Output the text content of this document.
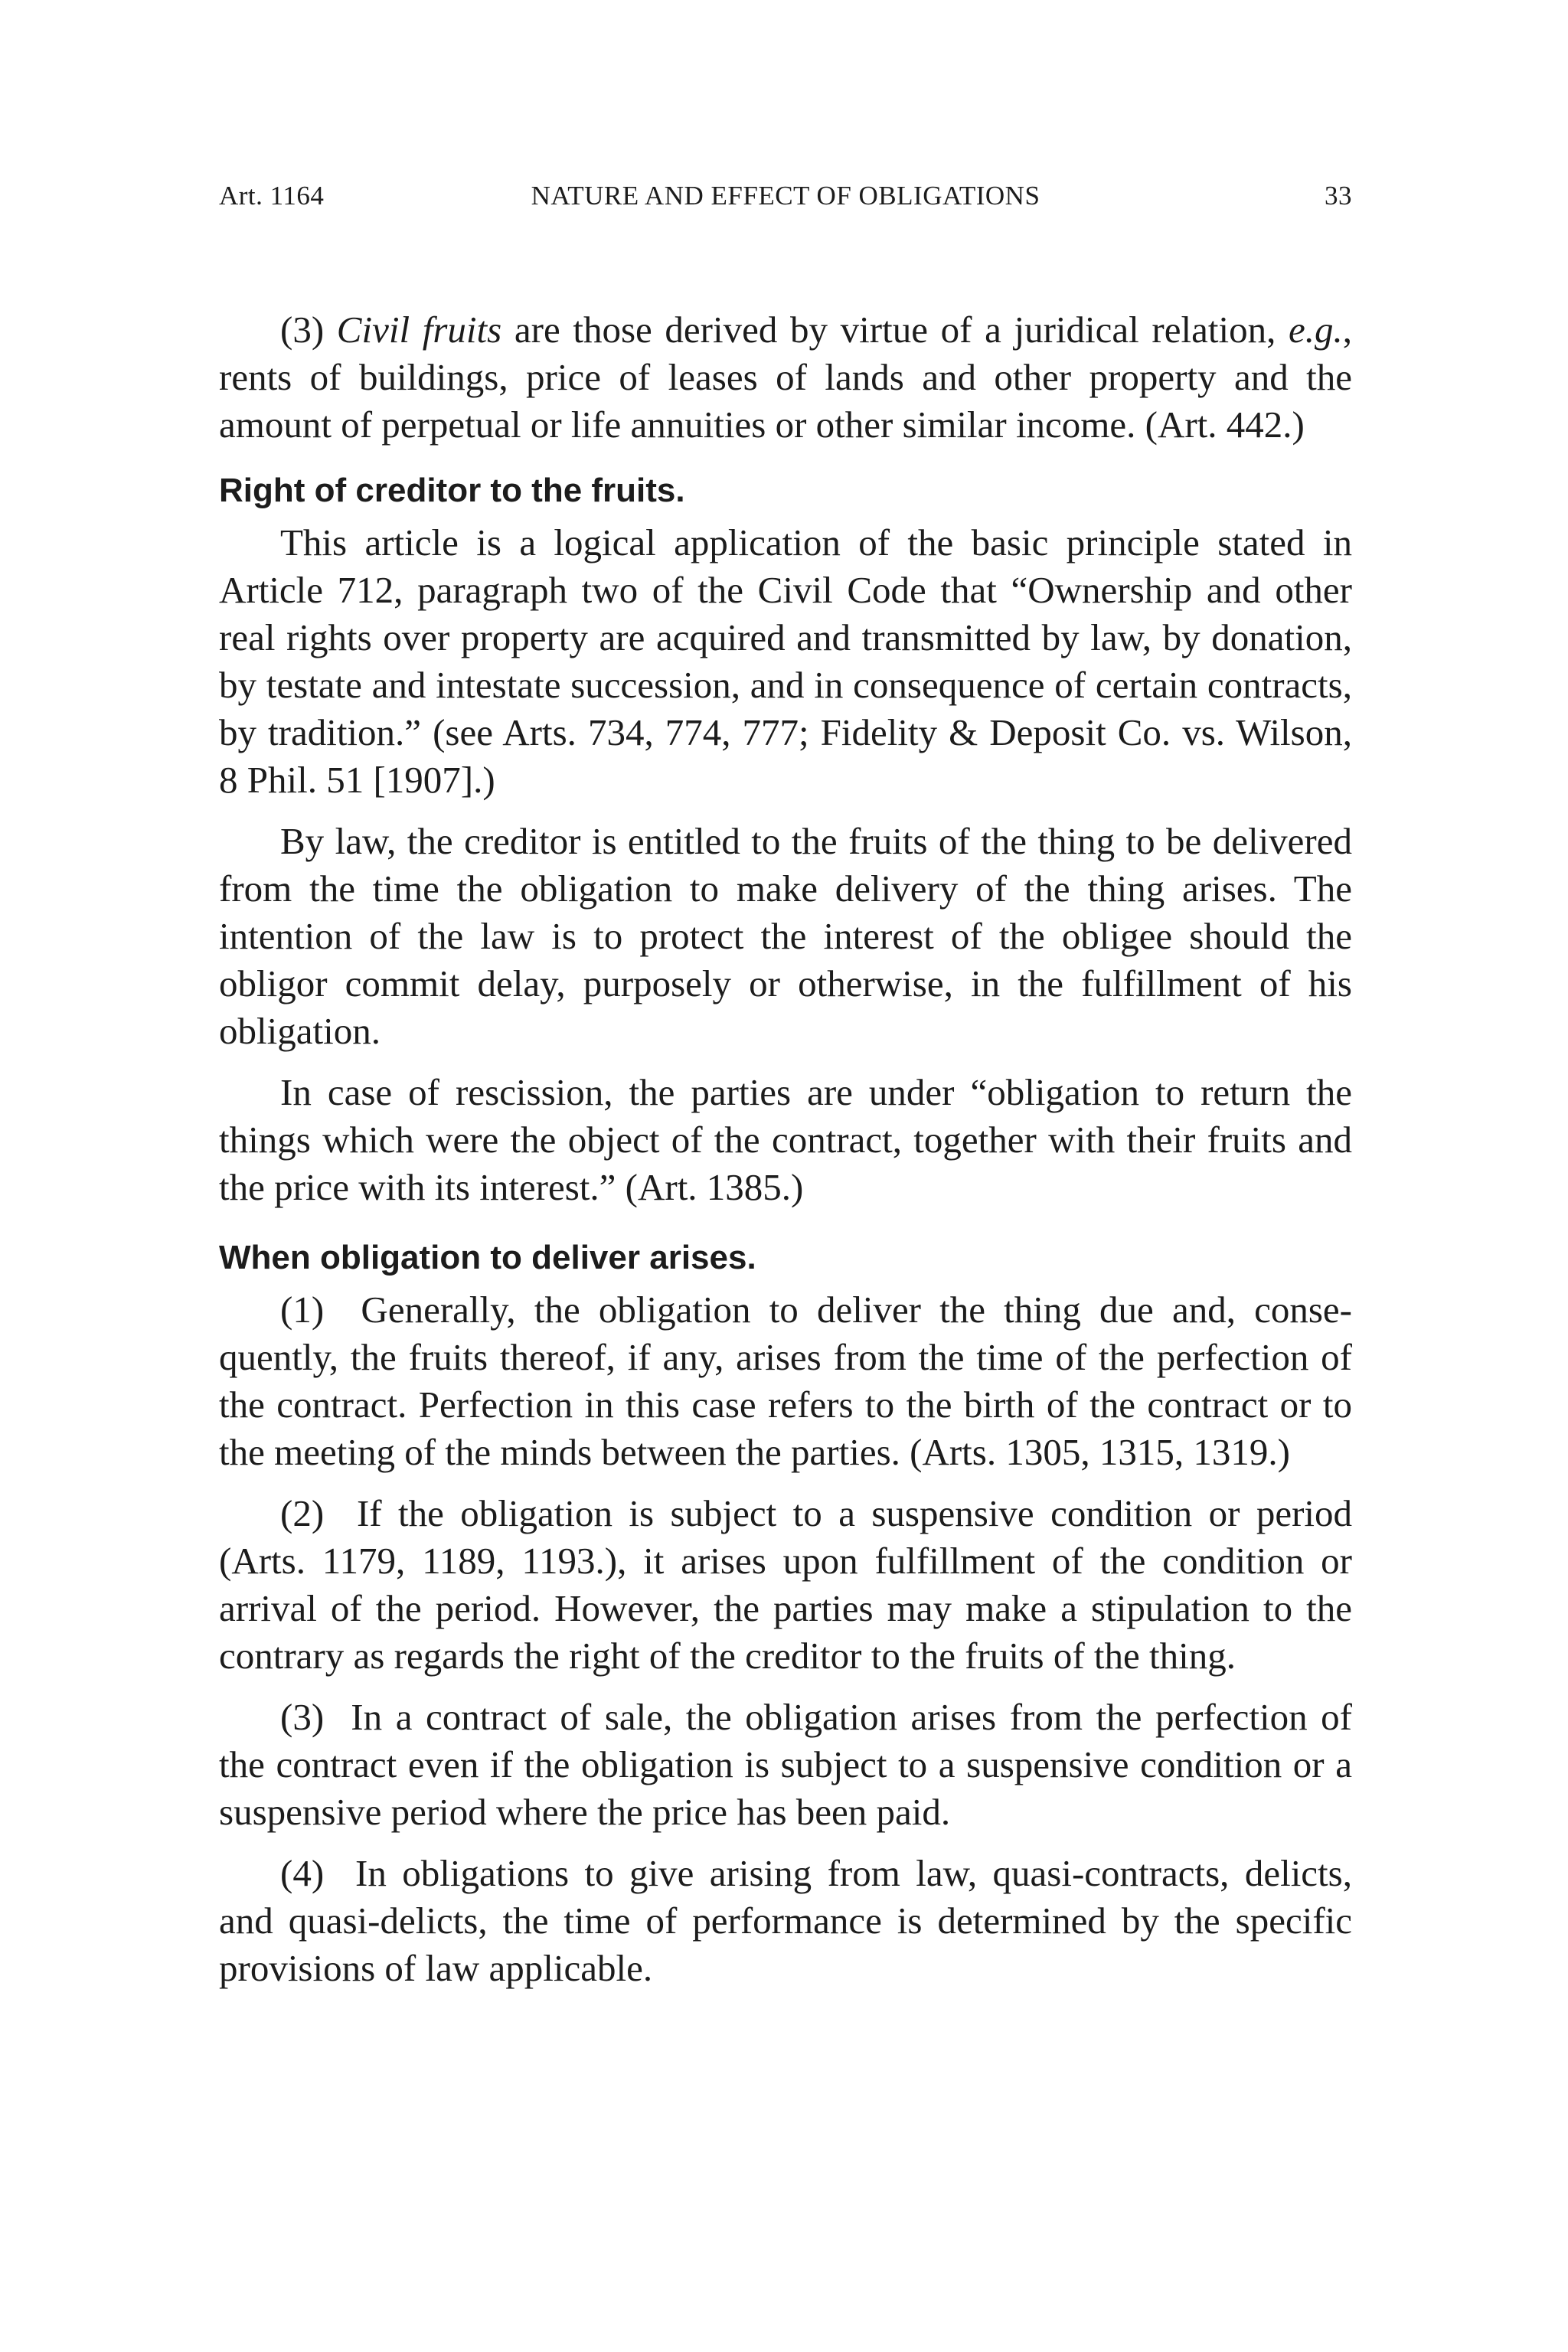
Art. 1164	NATURE AND EFFECT OF OBLIGATIONS	33

(3) Civil fruits are those derived by virtue of a juridical relation, e.g., rents of buildings, price of leases of lands and other property and the amount of perpetual or life annuities or other similar income. (Art. 442.)

Right of creditor to the fruits.

This article is a logical application of the basic principle stated in Article 712, paragraph two of the Civil Code that “Ownership and other real rights over property are acquired and transmitted by law, by donation, by testate and intestate succession, and in consequence of certain contracts, by tradition.” (see Arts. 734, 774, 777; Fidelity & Deposit Co. vs. Wilson, 8 Phil. 51 [1907].)

By law, the creditor is entitled to the fruits of the thing to be delivered from the time the obligation to make delivery of the thing arises. The intention of the law is to protect the interest of the obligee should the obligor commit delay, purposely or otherwise, in the fulfillment of his obligation.

In case of rescission, the parties are under “obligation to return the things which were the object of the contract, together with their fruits and the price with its interest.” (Art. 1385.)

When obligation to deliver arises.

(1)  Generally, the obligation to deliver the thing due and, consequently, the fruits thereof, if any, arises from the time of the perfection of the contract. Perfection in this case refers to the birth of the contract or to the meeting of the minds between the parties. (Arts. 1305, 1315, 1319.)

(2)  If the obligation is subject to a suspensive condition or period (Arts. 1179, 1189, 1193.), it arises upon fulfillment of the condition or arrival of the period. However, the parties may make a stipulation to the contrary as regards the right of the creditor to the fruits of the thing.

(3)  In a contract of sale, the obligation arises from the perfection of the contract even if the obligation is subject to a suspensive condition or a suspensive period where the price has been paid.

(4)  In obligations to give arising from law, quasi-contracts, delicts, and quasi-delicts, the time of performance is determined by the specific provisions of law applicable.
